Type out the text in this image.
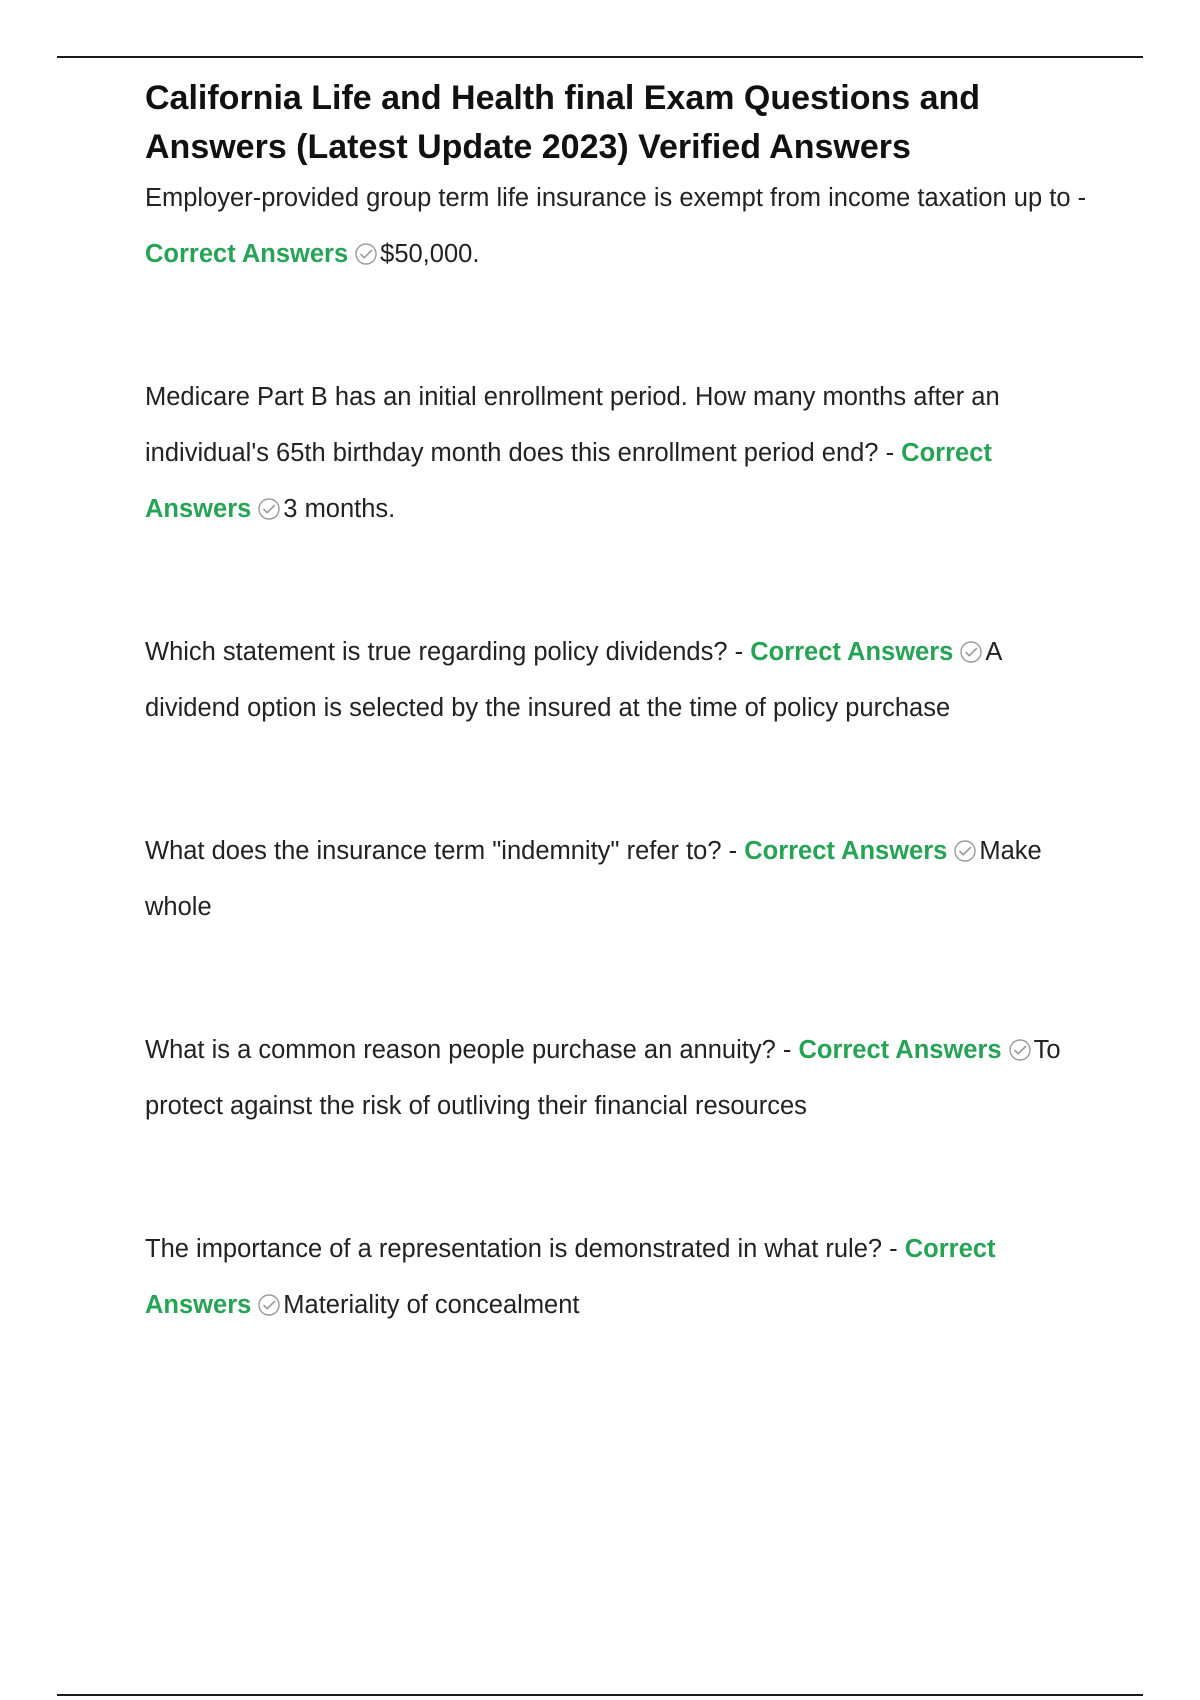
California Life and Health final Exam Questions and Answers (Latest Update 2023) Verified Answers

Employer-provided group term life insurance is exempt from income taxation up to - Correct Answers $50,000.

Medicare Part B has an initial enrollment period. How many months after an individual's 65th birthday month does this enrollment period end? - Correct Answers 3 months.

Which statement is true regarding policy dividends? - Correct Answers A dividend option is selected by the insured at the time of policy purchase

What does the insurance term "indemnity" refer to? - Correct Answers Make whole

What is a common reason people purchase an annuity? - Correct Answers To protect against the risk of outliving their financial resources

The importance of a representation is demonstrated in what rule? - Correct Answers Materiality of concealment
